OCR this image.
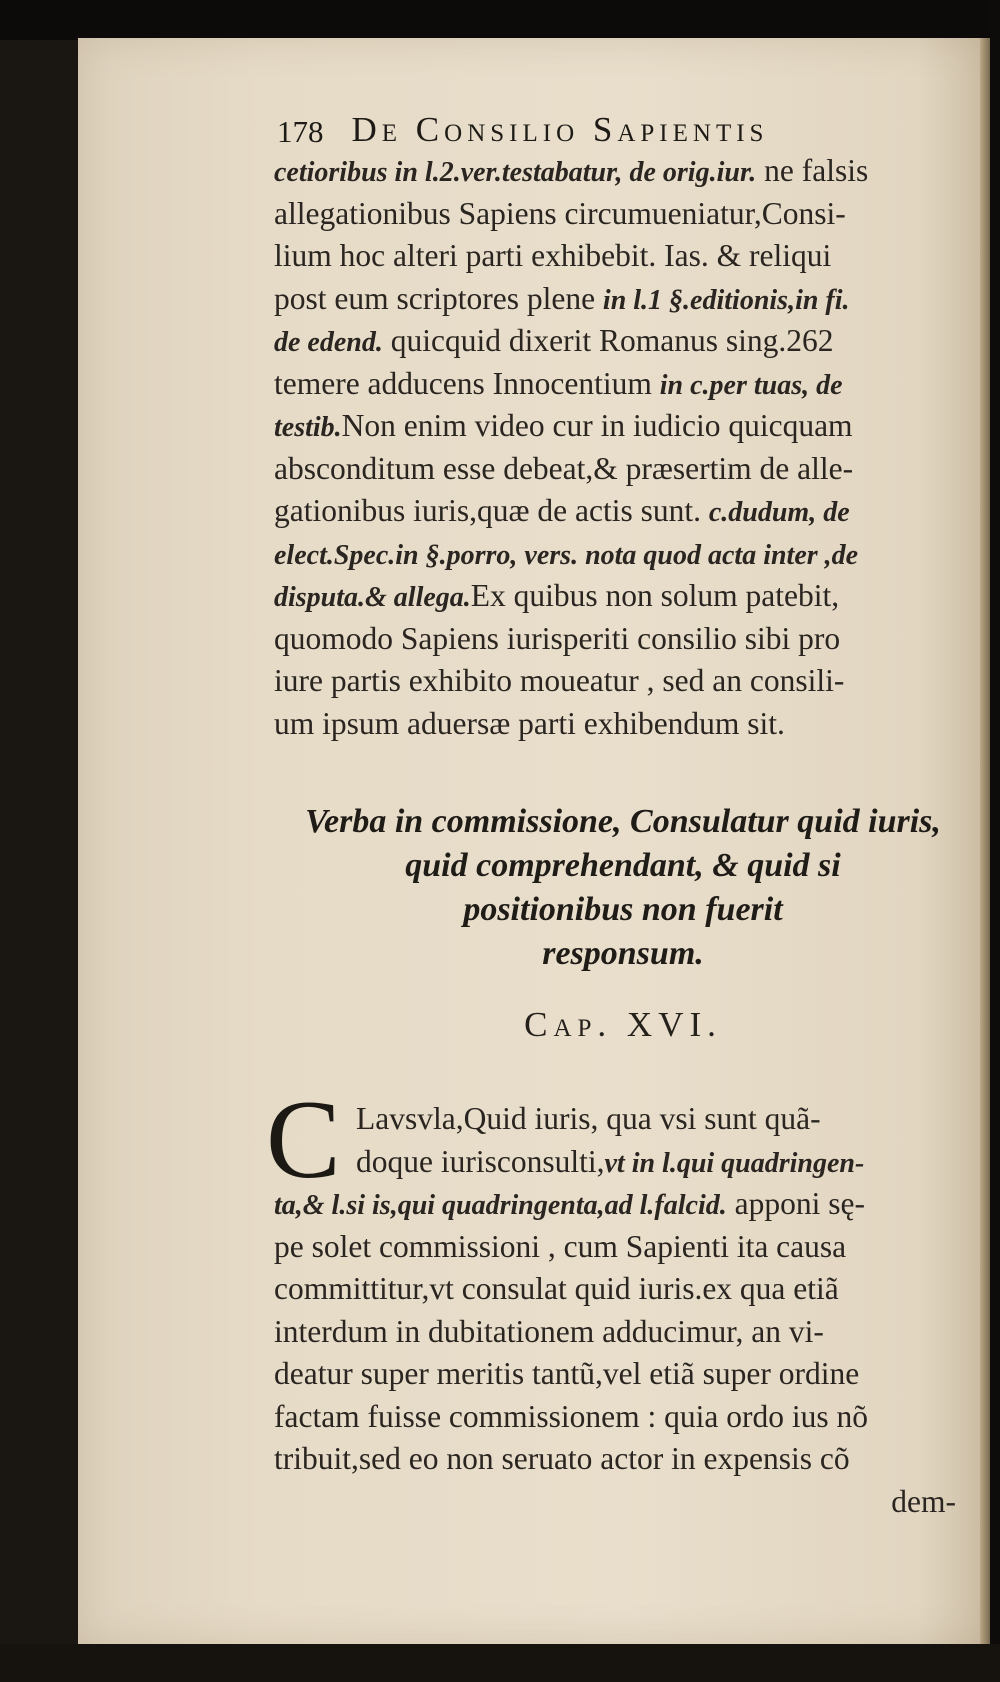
178 De Consilio Sapientis
cetioribus in l.2.ver.testabatur, de orig.iur. ne falsis
allegationibus Sapiens circumueniatur,Consi-
lium hoc alteri parti exhibebit. Ias. & reliqui
post eum scriptores plene in l.1 §.editionis,in fi.
de edend. quicquid dixerit Romanus sing.262
temere adducens Innocentium in c.per tuas, de
testib.Non enim video cur in iudicio quicquam
absconditum esse debeat,& præsertim de alle-
gationibus iuris,quæ de actis sunt. c.dudum, de
elect.Spec.in §.porro, vers. nota quod acta inter ,de
disputa.& allega.Ex quibus non solum patebit,
quomodo Sapiens iurisperiti consilio sibi pro
iure partis exhibito moueatur , sed an consili-
um ipsum aduersæ parti exhibendum sit.
Verba in commissione, Consulatur quid iuris,
quid comprehendant, & quid si
positionibus non fuerit
responsum.
Cap. XVI.
C Lavsvla,Quid iuris, qua vsi sunt quã-
doque iurisconsulti,vt in l.qui quadringen-
ta,& l.si is,qui quadringenta,ad l.falcid. apponi sę-
pe solet commissioni , cum Sapienti ita causa
committitur,vt consulat quid iuris.ex qua etiã
interdum in dubitationem adducimur, an vi-
deatur super meritis tantũ,vel etiã super ordine
factam fuisse commissionem : quia ordo ius nõ
tribuit,sed eo non seruato actor in expensis cõ
dem-
